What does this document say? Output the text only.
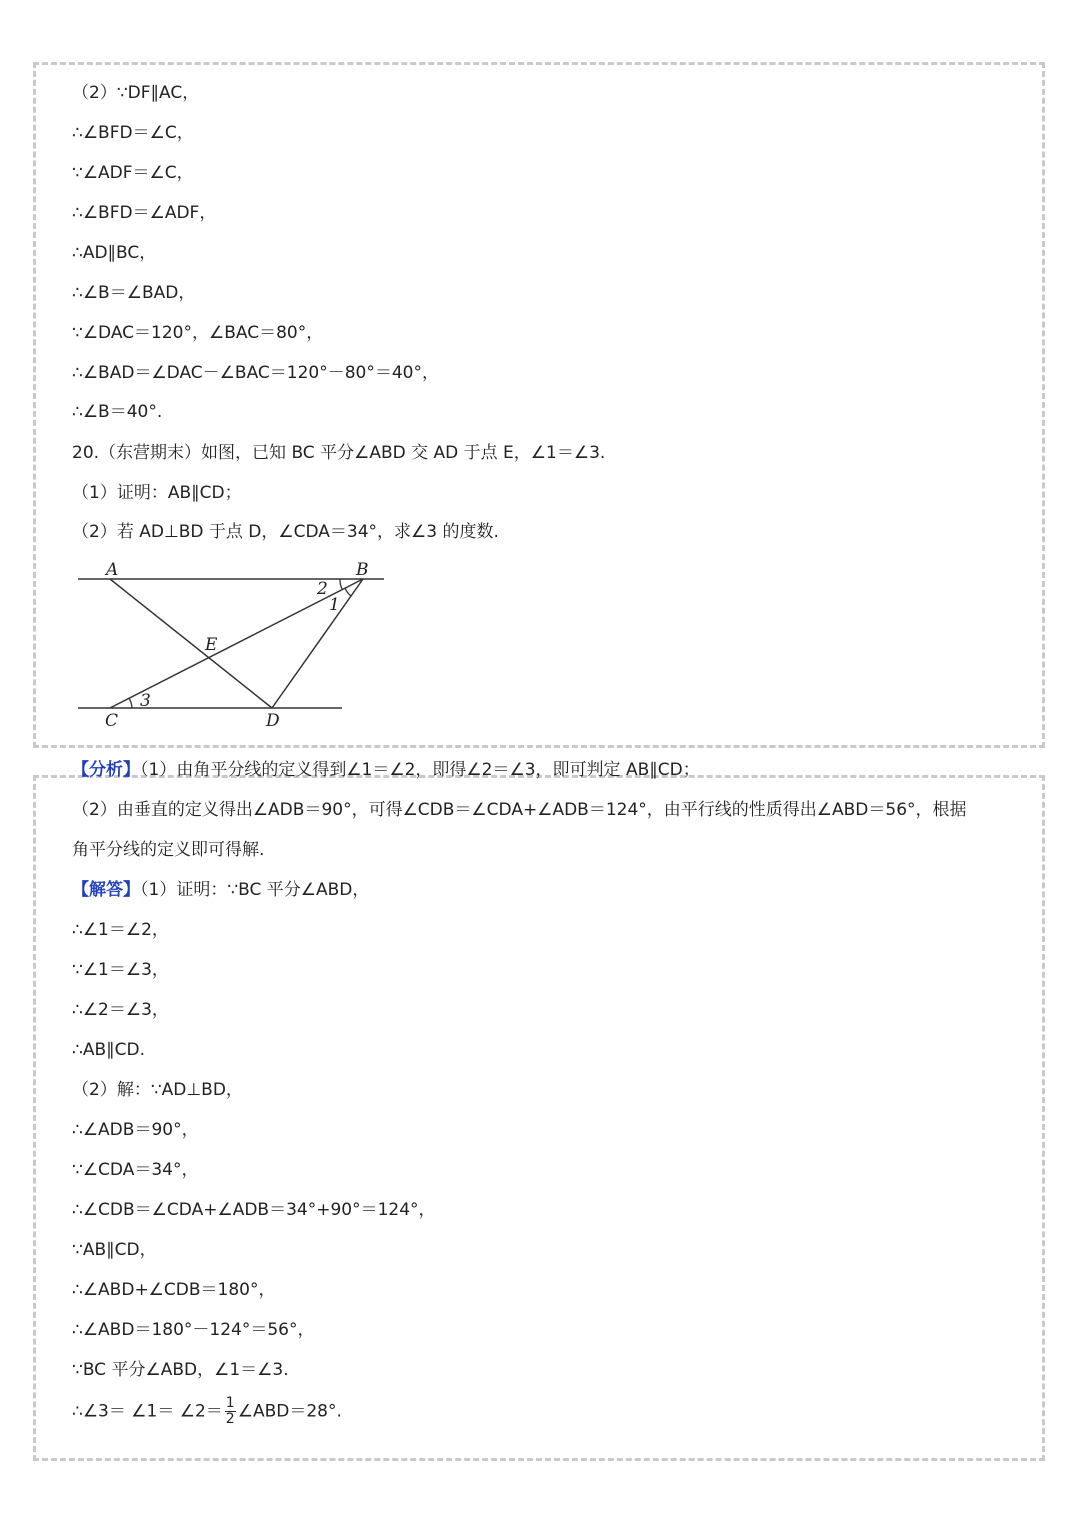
（2）∵DF∥AC，
∴∠BFD＝∠C，
∵∠ADF＝∠C，
∴∠BFD＝∠ADF，
∴AD∥BC，
∴∠B＝∠BAD，
∵∠DAC＝120°，∠BAC＝80°，
∴∠BAD＝∠DAC－∠BAC＝120°－80°＝40°，
∴∠B＝40°.
20.（东营期末）如图，已知 BC 平分∠ABD 交 AD 于点 E，∠1＝∠3.
（1）证明：AB∥CD；
（2）若 AD⊥BD 于点 D，∠CDA＝34°，求∠3 的度数.
A	B
C	D
E
2
1
3
【分析】（1）由角平分线的定义得到∠1＝∠2，即得∠2＝∠3，即可判定 AB∥CD；
（2）由垂直的定义得出∠ADB＝90°，可得∠CDB＝∠CDA+∠ADB＝124°，由平行线的性质得出∠ABD＝56°，根据
角平分线的定义即可得解.
【解答】（1）证明：∵BC 平分∠ABD，
∴∠1＝∠2，
∵∠1＝∠3，
∴∠2＝∠3，
∴AB∥CD.
（2）解：∵AD⊥BD，
∴∠ADB＝90°，
∵∠CDA＝34°，
∴∠CDB＝∠CDA+∠ADB＝34°+90°＝124°，
∵AB∥CD，
∴∠ABD+∠CDB＝180°，
∴∠ABD＝180°－124°＝56°，
∵BC 平分∠ABD，∠1＝∠3.
∴∠3＝ ∠1＝ ∠2＝ $\frac{1}{2}$ ∠ABD＝28°.
